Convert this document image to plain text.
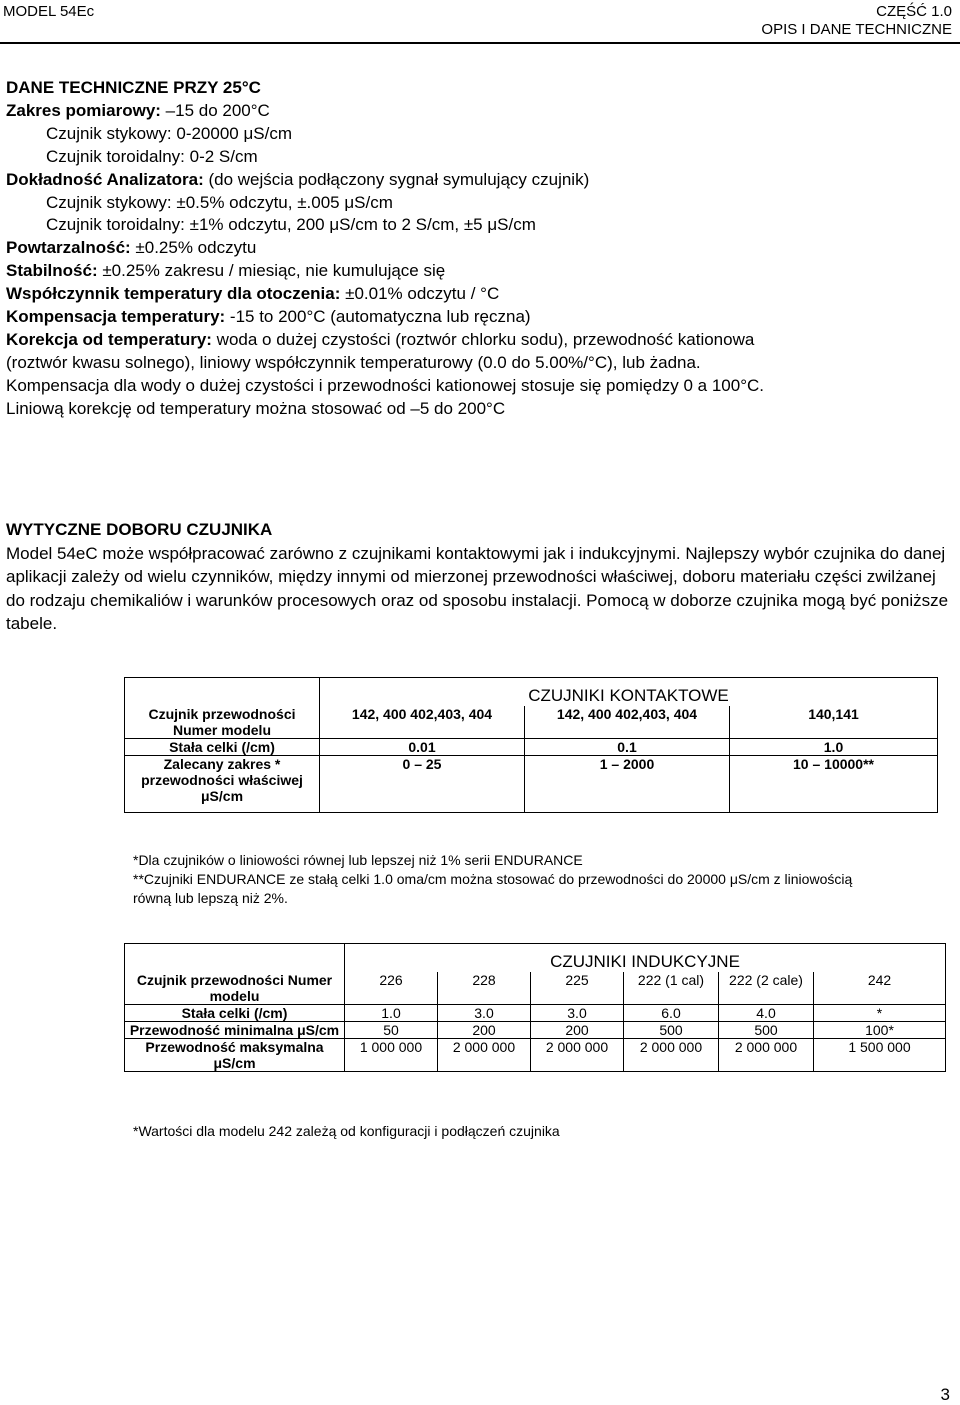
MODEL 54Ec	CZĘŚĆ 1.0
OPIS I DANE TECHNICZNE
DANE TECHNICZNE PRZY 25°C
Zakres pomiarowy: –15 do 200°C
Czujnik stykowy: 0-20000 μS/cm
Czujnik toroidalny: 0-2 S/cm
Dokładność Analizatora: (do wejścia podłączony sygnał symulujący czujnik)
Czujnik stykowy: ±0.5% odczytu, ±.005 μS/cm
Czujnik toroidalny: ±1% odczytu, 200 μS/cm to 2 S/cm, ±5 μS/cm
Powtarzalność: ±0.25% odczytu
Stabilność: ±0.25% zakresu / miesiąc, nie kumulujące się
Współczynnik temperatury dla otoczenia: ±0.01% odczytu / °C
Kompensacja temperatury: -15 to 200°C (automatyczna lub ręczna)
Korekcja od temperatury: woda o dużej czystości (roztwór chlorku sodu), przewodność kationowa
(roztwór kwasu solnego), liniowy współczynnik temperaturowy (0.0 do 5.00%/°C), lub żadna.
Kompensacja dla wody o dużej czystości i przewodności kationowej stosuje się pomiędzy 0 a 100°C.
Liniową korekcję od temperatury można stosować od –5 do 200°C
WYTYCZNE DOBORU CZUJNIKA
Model 54eC może współpracować zarówno z czujnikami kontaktowymi jak i indukcyjnymi. Najlepszy wybór czujnika do danej aplikacji zależy od wielu czynników, między innymi od mierzonej przewodności właściwej, doboru materiału części zwilżanej do rodzaju chemikaliów i warunków procesowych oraz od sposobu instalacji. Pomocą w doborze czujnika mogą być poniższe tabele.
	CZUJNIKI KONTAKTOWE		
Czujnik przewodności Numer modelu	142, 400 402,403, 404	142, 400 402,403, 404	140,141
Stała celki (/cm)	0.01	0.1	1.0
Zalecany zakres * przewodności właściwej μS/cm	0 – 25	1 – 2000	10 – 10000**
*Dla czujników o liniowości równej lub lepszej niż 1% serii ENDURANCE
**Czujniki ENDURANCE ze stałą celki 1.0 oma/cm można stosować do przewodności do 20000 μS/cm z liniowością równą lub lepszą niż 2%.
	CZUJNIKI INDUKCYJNE					
Czujnik przewodności Numer modelu	226	228	225	222 (1 cal)	222 (2 cale)	242
Stała celki (/cm)	1.0	3.0	3.0	6.0	4.0	*
Przewodność minimalna μS/cm	50	200	200	500	500	100*
Przewodność maksymalna μS/cm	1 000 000	2 000 000	2 000 000	2 000 000	2 000 000	1 500 000
*Wartości dla modelu 242 zależą od konfiguracji i podłączeń czujnika
3
